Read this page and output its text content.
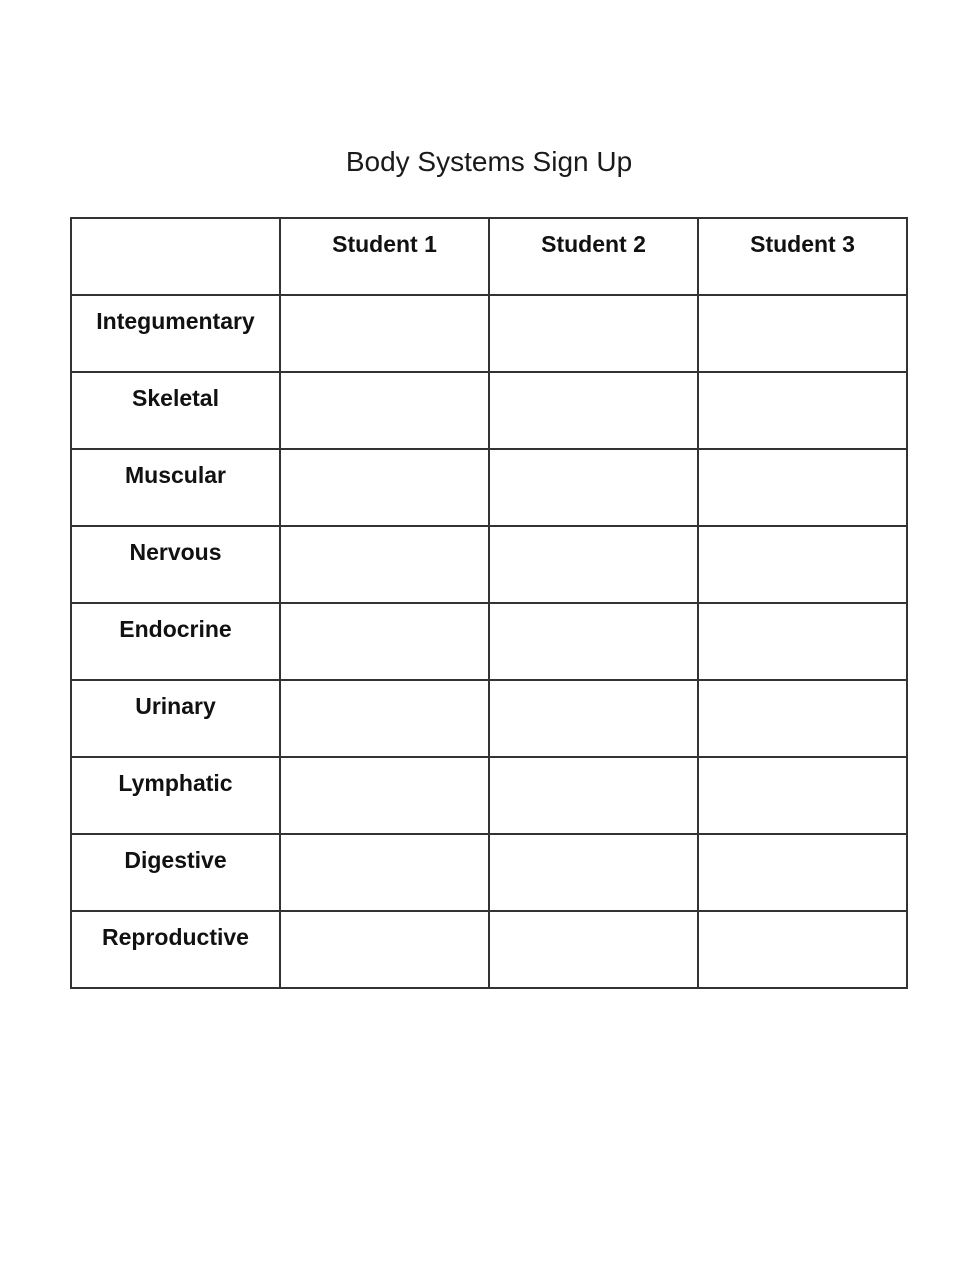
Body Systems Sign Up

	Student 1	Student 2	Student 3

Integumentary			

Skeletal			

Muscular			

Nervous			

Endocrine			

Urinary			

Lymphatic			

Digestive			

Reproductive			
